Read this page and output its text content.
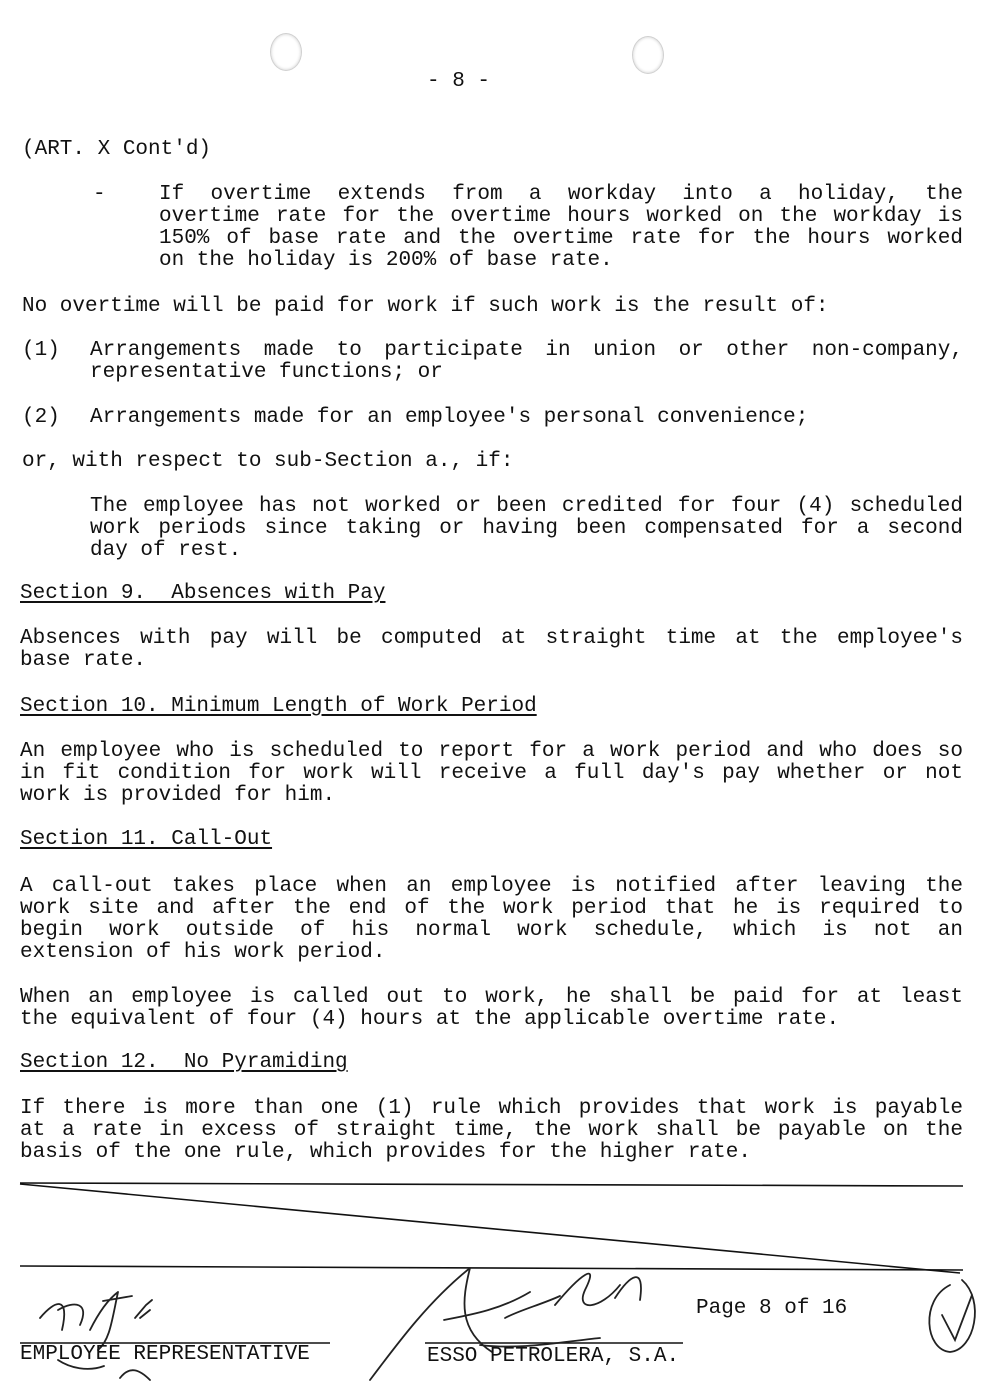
- 8 -
(ART. X Cont'd)
-	If overtime extends from a workday into a holiday, the
overtime rate for the overtime hours worked on the workday is
150% of base rate and the overtime rate for the hours worked
on the holiday is 200% of base rate.
No overtime will be paid for work if such work is the result of:
(1) Arrangements made to participate in union or other non-company,
representative functions; or
(2) Arrangements made for an employee's personal convenience;
or, with respect to sub-Section a., if:
The employee has not worked or been credited for four (4) scheduled
work periods since taking or having been compensated for a second
day of rest.
Section 9.  Absences with Pay
Absences with pay will be computed at straight time at the employee's
base rate.
Section 10. Minimum Length of Work Period
An employee who is scheduled to report for a work period and who does so
in fit condition for work will receive a full day's pay whether or not
work is provided for him.
Section 11. Call-Out
A call-out takes place when an employee is notified after leaving the
work site and after the end of the work period that he is required to
begin work outside of his normal work schedule, which is not an
extension of his work period.
When an employee is called out to work, he shall be paid for at least
the equivalent of four (4) hours at the applicable overtime rate.
Section 12.  No Pyramiding
If there is more than one (1) rule which provides that work is payable
at a rate in excess of straight time, the work shall be payable on the
basis of the one rule, which provides for the higher rate.
EMPLOYEE REPRESENTATIVE	ESSO PETROLERA, S.A.
Page 8 of 16
